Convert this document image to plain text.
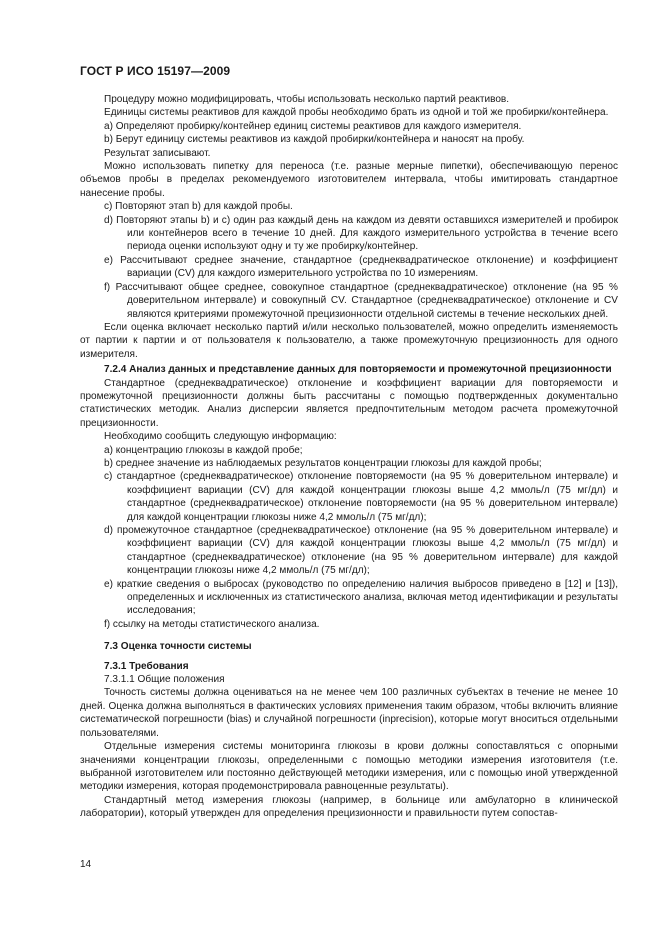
ГОСТ Р ИСО 15197—2009

Процедуру можно модифицировать, чтобы использовать несколько партий реактивов.

Единицы системы реактивов для каждой пробы необходимо брать из одной и той же пробирки/контейнера.

а) Определяют пробирку/контейнер единиц системы реактивов для каждого измерителя.

b) Берут единицу системы реактивов из каждой пробирки/контейнера и наносят на пробу.

Результат записывают.

Можно использовать пипетку для переноса (т.е. разные мерные пипетки), обеспечивающую перенос объемов пробы в пределах рекомендуемого изготовителем интервала, чтобы имитировать стандартное нанесение пробы.

с) Повторяют этап b) для каждой пробы.

d) Повторяют этапы b) и с) один раз каждый день на каждом из девяти оставшихся измерителей и пробирок или контейнеров всего в течение 10 дней. Для каждого измерительного устройства в течение всего периода оценки используют одну и ту же пробирку/контейнер.

е) Рассчитывают среднее значение, стандартное (среднеквадратическое отклонение) и коэффициент вариации (CV) для каждого измерительного устройства по 10 измерениям.

f) Рассчитывают общее среднее, совокупное стандартное (среднеквадратическое) отклонение (на 95 % доверительном интервале) и совокупный CV. Стандартное (среднеквадратическое) отклонение и CV являются критериями промежуточной прецизионности отдельной системы в течение нескольких дней.

Если оценка включает несколько партий и/или несколько пользователей, можно определить изменяемость от партии к партии и от пользователя к пользователю, а также промежуточную прецизионность для одного измерителя.

7.2.4 Анализ данных и представление данных для повторяемости и промежуточной прецизионности

Стандартное (среднеквадратическое) отклонение и коэффициент вариации для повторяемости и промежуточной прецизионности должны быть рассчитаны с помощью подтвержденных документально статистических методик. Анализ дисперсии является предпочтительным методом расчета промежуточной прецизионности.

Необходимо сообщить следующую информацию:

а) концентрацию глюкозы в каждой пробе;

b) среднее значение из наблюдаемых результатов концентрации глюкозы для каждой пробы;

с) стандартное (среднеквадратическое) отклонение повторяемости (на 95 % доверительном интервале) и коэффициент вариации (CV) для каждой концентрации глюкозы выше 4,2 ммоль/л (75 мг/дл) и стандартное (среднеквадратическое) отклонение повторяемости (на 95 % доверительном интервале) для каждой концентрации глюкозы ниже 4,2 ммоль/л (75 мг/дл);

d) промежуточное стандартное (среднеквадратическое) отклонение (на 95 % доверительном интервале) и коэффициент вариации (CV) для каждой концентрации глюкозы выше 4,2 ммоль/л (75 мг/дл) и стандартное (среднеквадратическое) отклонение (на 95 % доверительном интервале) для каждой концентрации глюкозы ниже 4,2 ммоль/л (75 мг/дл);

е) краткие сведения о выбросах (руководство по определению наличия выбросов приведено в [12] и [13]), определенных и исключенных из статистического анализа, включая метод идентификации и результаты исследования;

f) ссылку на методы статистического анализа.

7.3 Оценка точности системы

7.3.1 Требования

7.3.1.1 Общие положения

Точность системы должна оцениваться на не менее чем 100 различных субъектах в течение не менее 10 дней. Оценка должна выполняться в фактических условиях применения таким образом, чтобы включить влияние систематической погрешности (bias) и случайной погрешности (inprecision), которые могут вноситься отдельными пользователями.

Отдельные измерения системы мониторинга глюкозы в крови должны сопоставляться с опорными значениями концентрации глюкозы, определенными с помощью методики измерения изготовителя (т.е. выбранной изготовителем или постоянно действующей методики измерения, или с помощью иной утвержденной методики измерения, которая продемонстрировала равноценные результаты).

Стандартный метод измерения глюкозы (например, в больнице или амбулаторно в клинической лаборатории), который утвержден для определения прецизионности и правильности путем сопостав-

14
